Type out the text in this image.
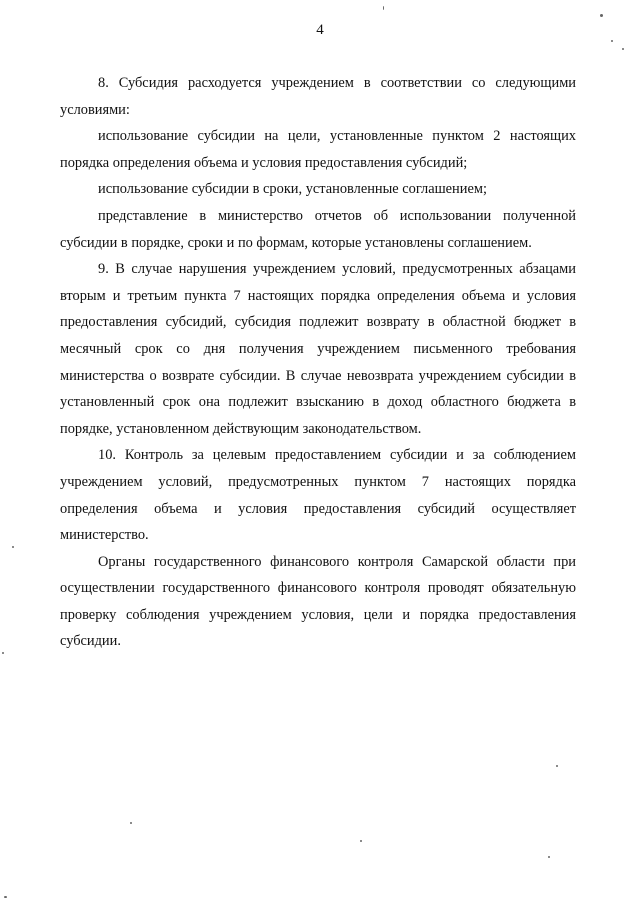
4

8. Субсидия расходуется учреждением в соответствии со следующими условиями:

использование субсидии на цели, установленные пунктом 2 настоящих порядка определения объема и условия предоставления субсидий;

использование субсидии в сроки, установленные соглашением;

представление в министерство отчетов об использовании полученной субсидии в порядке, сроки и по формам, которые установлены соглашением.

9. В случае нарушения учреждением условий, предусмотренных абзацами вторым и третьим пункта 7 настоящих порядка определения объема и условия предоставления субсидий, субсидия подлежит возврату в областной бюджет в месячный срок со дня получения учреждением письменного требования министерства о возврате субсидии. В случае невозврата учреждением субсидии в установленный срок она подлежит взысканию в доход областного бюджета в порядке, установленном действующим законодательством.

10. Контроль за целевым предоставлением субсидии и за соблюдением учреждением условий, предусмотренных пунктом 7 настоящих порядка определения объема и условия предоставления субсидий осуществляет министерство.

Органы государственного финансового контроля Самарской области при осуществлении государственного финансового контроля проводят обязательную проверку соблюдения учреждением условия, цели и порядка предоставления субсидии.
